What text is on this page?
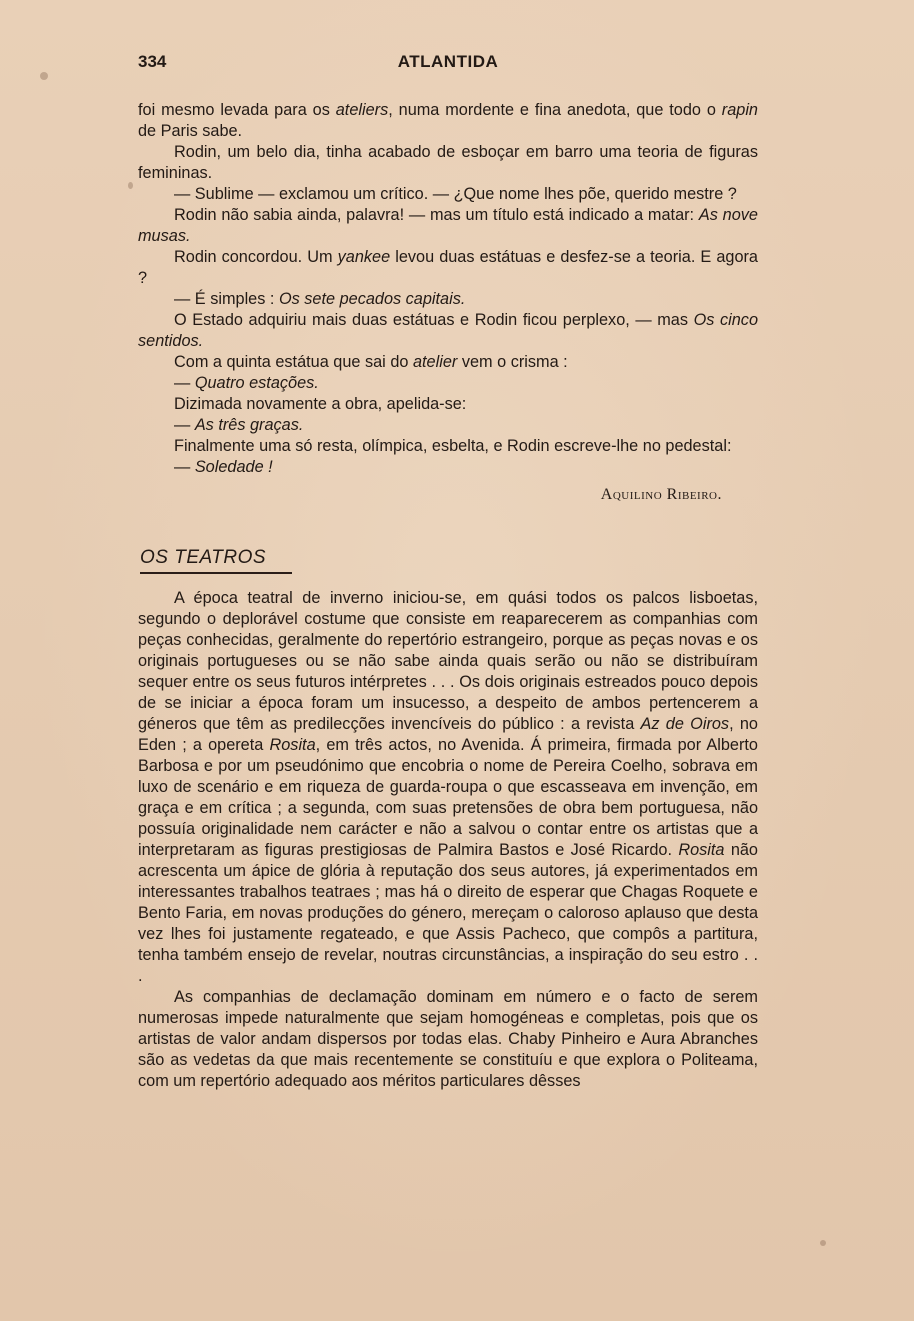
334	ATLANTIDA

foi mesmo levada para os ateliers, numa mordente e fina anedota, que todo o rapin de Paris sabe.

Rodin, um belo dia, tinha acabado de esboçar em barro uma teoria de figuras femininas.

— Sublime — exclamou um crítico. — ¿Que nome lhes põe, querido mestre ?

Rodin não sabia ainda, palavra! — mas um título está indicado a matar: As nove musas.

Rodin concordou. Um yankee levou duas estátuas e desfez-se a teoria. E agora ?

— É simples : Os sete pecados capitais.

O Estado adquiriu mais duas estátuas e Rodin ficou perplexo, — mas Os cinco sentidos.

Com a quinta estátua que sai do atelier vem o crisma :

— Quatro estações.

Dizimada novamente a obra, apelida-se:

— As três graças.

Finalmente uma só resta, olímpica, esbelta, e Rodin escreve-lhe no pedestal:

— Soledade !

Aquilino Ribeiro.
OS TEATROS

A época teatral de inverno iniciou-se, em quási todos os palcos lisboetas, segundo o deplorável costume que consiste em reaparecerem as companhias com peças conhecidas, geralmente do repertório estrangeiro, porque as peças novas e os originais portugueses ou se não sabe ainda quais serão ou não se distribuíram sequer entre os seus futuros intérpretes . . . Os dois originais estreados pouco depois de se iniciar a época foram um insucesso, a despeito de ambos pertencerem a géneros que têm as predilecções invencíveis do público : a revista Az de Oiros, no Eden ; a opereta Rosita, em três actos, no Avenida. Á primeira, firmada por Alberto Barbosa e por um pseudónimo que encobria o nome de Pereira Coelho, sobrava em luxo de scenário e em riqueza de guarda-roupa o que escasseava em invenção, em graça e em crítica ; a segunda, com suas pretensões de obra bem portuguesa, não possuía originalidade nem carácter e não a salvou o contar entre os artistas que a interpretaram as figuras prestigiosas de Palmira Bastos e José Ricardo. Rosita não acrescenta um ápice de glória à reputação dos seus autores, já experimentados em interessantes trabalhos teatraes ; mas há o direito de esperar que Chagas Roquete e Bento Faria, em novas produções do género, mereçam o caloroso aplauso que desta vez lhes foi justamente regateado, e que Assis Pacheco, que compôs a partitura, tenha também ensejo de revelar, noutras circunstâncias, a inspiração do seu estro . . .

As companhias de declamação dominam em número e o facto de serem numerosas impede naturalmente que sejam homogéneas e completas, pois que os artistas de valor andam dispersos por todas elas. Chaby Pinheiro e Aura Abranches são as vedetas da que mais recentemente se constituíu e que explora o Politeama, com um repertório adequado aos méritos particulares dêsses
